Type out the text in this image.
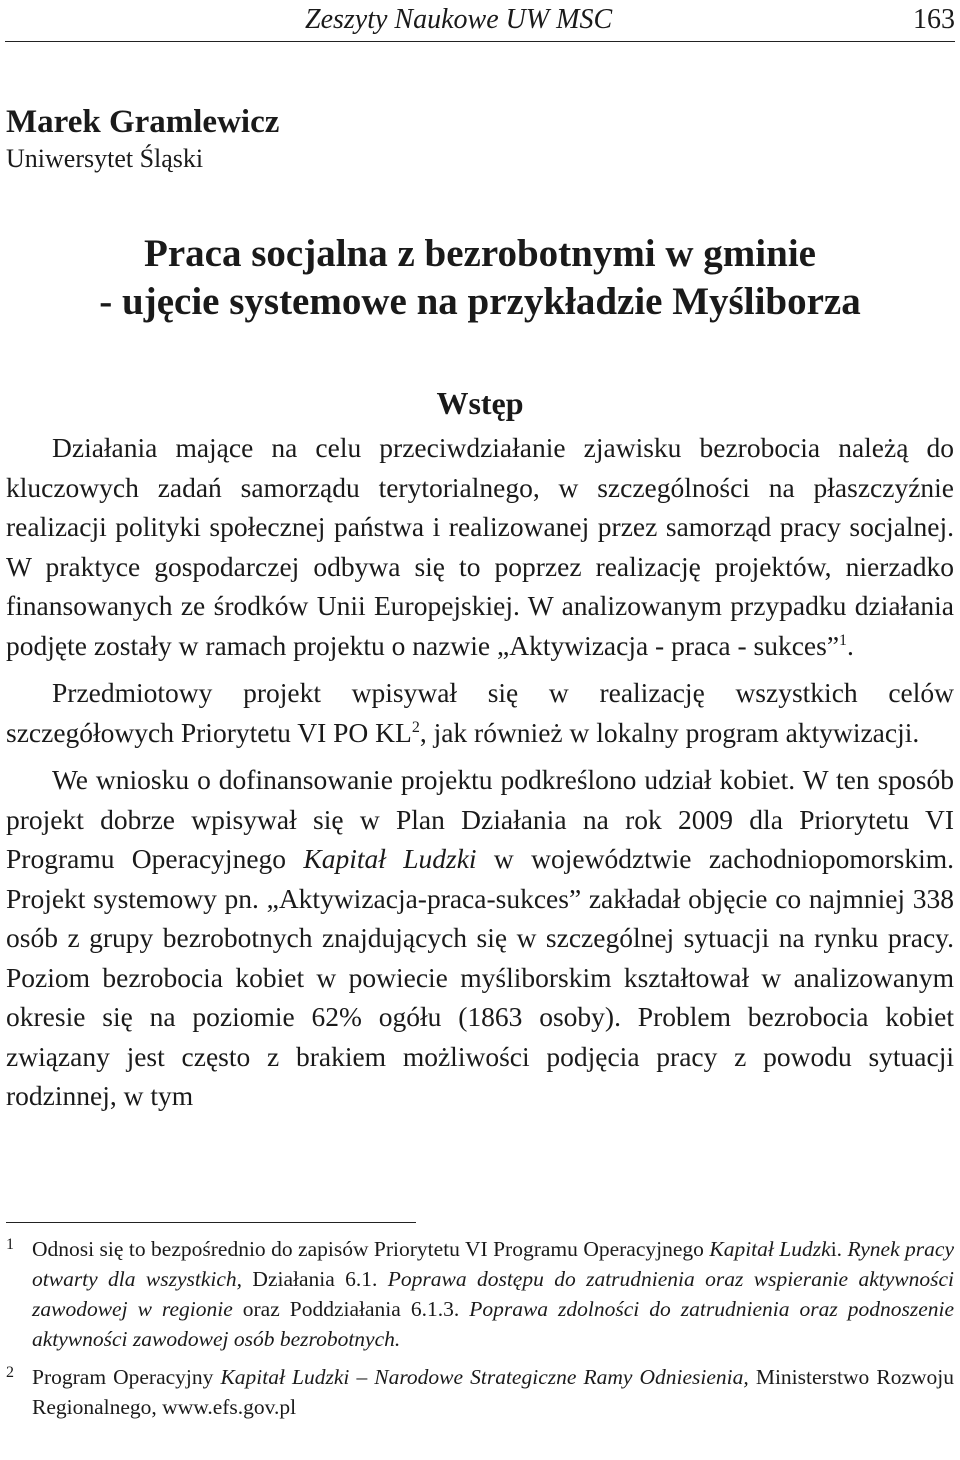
Zeszyty Naukowe UW MSC	163
Marek Gramlewicz
Uniwersytet Śląski
Praca socjalna z bezrobotnymi w gminie
- ujęcie systemowe na przykładzie Myśliborza
Wstęp

Działania mające na celu przeciwdziałanie zjawisku bezrobocia należą do kluczowych zadań samorządu terytorialnego, w szczególności na płaszczyźnie realizacji polityki społecznej państwa i realizowanej przez samorząd pracy socjalnej. W praktyce gospodarczej odbywa się to poprzez realizację projektów, nierzadko finansowanych ze środków Unii Europejskiej. W analizowanym przypadku działania podjęte zostały w ramach projektu o nazwie „Aktywizacja - praca - sukces”$^1$.

Przedmiotowy projekt wpisywał się w realizację wszystkich celów szczegółowych Priorytetu VI PO $KL^2$, jak również w lokalny program aktywizacji.

We wniosku o dofinansowanie projektu podkreślono udział kobiet. W ten sposób projekt dobrze wpisywał się w Plan Działania na rok 2009 dla Priorytetu VI Programu Operacyjnego Kapitał Ludzki w województwie zachodniopomorskim. Projekt systemowy pn. „Aktywizacja-praca-sukces” zakładał objęcie co najmniej 338 osób z grupy bezrobotnych znajdujących się w szczególnej sytuacji na rynku pracy. Poziom bezrobocia kobiet w powiecie myśliborskim kształtował w analizowanym okresie się na poziomie 62% ogółu (1863 osoby). Problem bezrobocia kobiet związany jest często z brakiem możliwości podjęcia pracy z powodu sytuacji rodzinnej, w tym

1 Odnosi się to bezpośrednio do zapisów Priorytetu VI Programu Operacyjnego Kapitał Ludzki. Rynek pracy otwarty dla wszystkich, Działania 6.1. Poprawa dostępu do zatrudnienia oraz wspieranie aktywności zawodowej w regionie oraz Poddziałania 6.1.3. Poprawa zdolności do zatrudnienia oraz podnoszenie aktywności zawodowej osób bezrobotnych.
2 Program Operacyjny Kapitał Ludzki – Narodowe Strategiczne Ramy Odniesienia, Ministerstwo Rozwoju Regionalnego, www.efs.gov.pl
